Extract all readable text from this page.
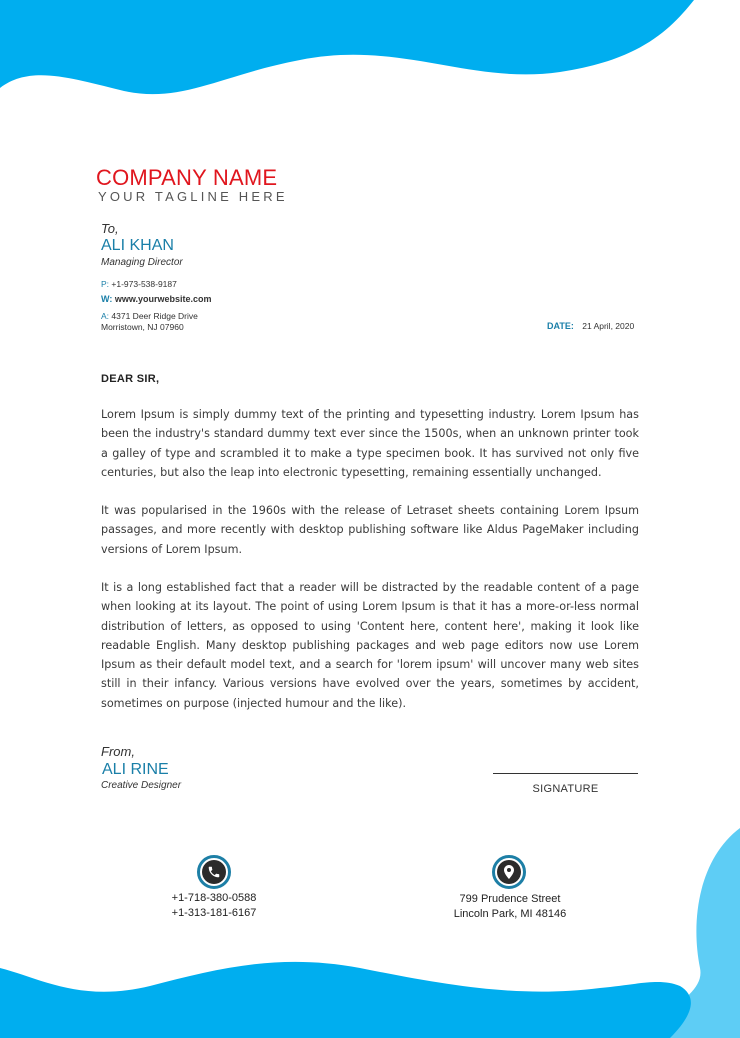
COMPANY NAME
YOUR TAGLINE HERE
To,
ALI KHAN
Managing Director
P: +1-973-538-9187
W: www.yourwebsite.com
A: 4371 Deer Ridge Drive
Morristown, NJ 07960	DATE: 21 April, 2020
DEAR SIR,

Lorem Ipsum is simply dummy text of the printing and typesetting industry. Lorem Ipsum has been the industry's standard dummy text ever since the 1500s, when an unknown printer took a galley of type and scrambled it to make a type specimen book. It has survived not only five centuries, but also the leap into electronic typesetting, remaining essentially unchanged.

It was popularised in the 1960s with the release of Letraset sheets containing Lorem Ipsum passages, and more recently with desktop publishing software like Aldus PageMaker including versions of Lorem Ipsum.

It is a long established fact that a reader will be distracted by the readable content of a page when looking at its layout. The point of using Lorem Ipsum is that it has a more-or-less normal distribution of letters, as opposed to using 'Content here, content here', making it look like readable English. Many desktop publishing packages and web page editors now use Lorem Ipsum as their default model text, and a search for 'lorem ipsum' will uncover many web sites still in their infancy. Various versions have evolved over the years, sometimes by accident, sometimes on purpose (injected humour and the like).

From,
ALI RINE
Creative Designer	SIGNATURE
+1-718-380-0588
+1-313-181-6167
799 Prudence Street
Lincoln Park, MI 48146
